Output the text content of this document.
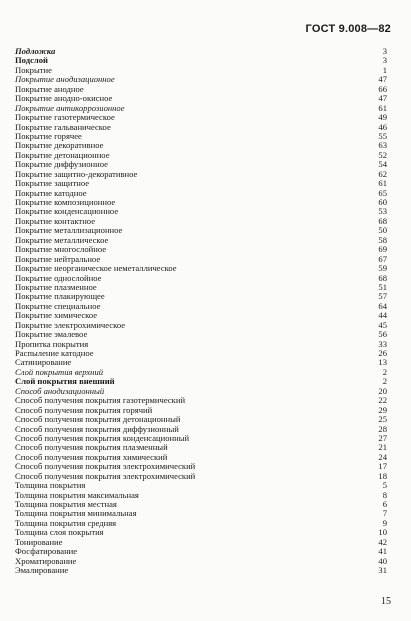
ГОСТ 9.008—82
Подложка	3
Подслой	3
Покрытие	1
Покрытие анодизационное	47
Покрытие анодное	66
Покрытие анодно-окисное	47
Покрытие антикоррозионное	61
Покрытие газотермическое	49
Покрытие гальваническое	46
Покрытие горячее	55
Покрытие декоративное	63
Покрытие детонационное	52
Покрытие диффузионное	54
Покрытие защитно-декоративное	62
Покрытие защитное	61
Покрытие катодное	65
Покрытие композиционное	60
Покрытие конденсационное	53
Покрытие контактное	68
Покрытие металлизационное	50
Покрытие металлическое	58
Покрытие многослойное	69
Покрытие нейтральное	67
Покрытие неорганическое неметаллическое	59
Покрытие однослойное	68
Покрытие плазменное	51
Покрытие плакирующее	57
Покрытие специальное	64
Покрытие химическое	44
Покрытие электрохимическое	45
Покрытие эмалевое	56
Пропитка покрытия	33
Распыление катодное	26
Сатинирование	13
Слой покрытия верхний	2
Слой покрытия внешний	2
Способ анодизационный	20
Способ получения покрытия газотермический	22
Способ получения покрытия горячий	29
Способ получения покрытия детонационный	25
Способ получения покрытия диффузионный	28
Способ получения покрытия конденсационный	27
Способ получения покрытия плазменный	21
Способ получения покрытия химический	24
Способ получения покрытия электрохимический	17
Способ получения покрытия электрохимический	18
Толщина покрытия	5
Толщина покрытия максимальная	8
Толщина покрытия местная	6
Толщина покрытия минимальная	7
Толщина покрытия средняя	9
Толщина слоя покрытия	10
Тонирование	42
Фосфатирование	41
Хроматирование	40
Эмалирование	31
15
